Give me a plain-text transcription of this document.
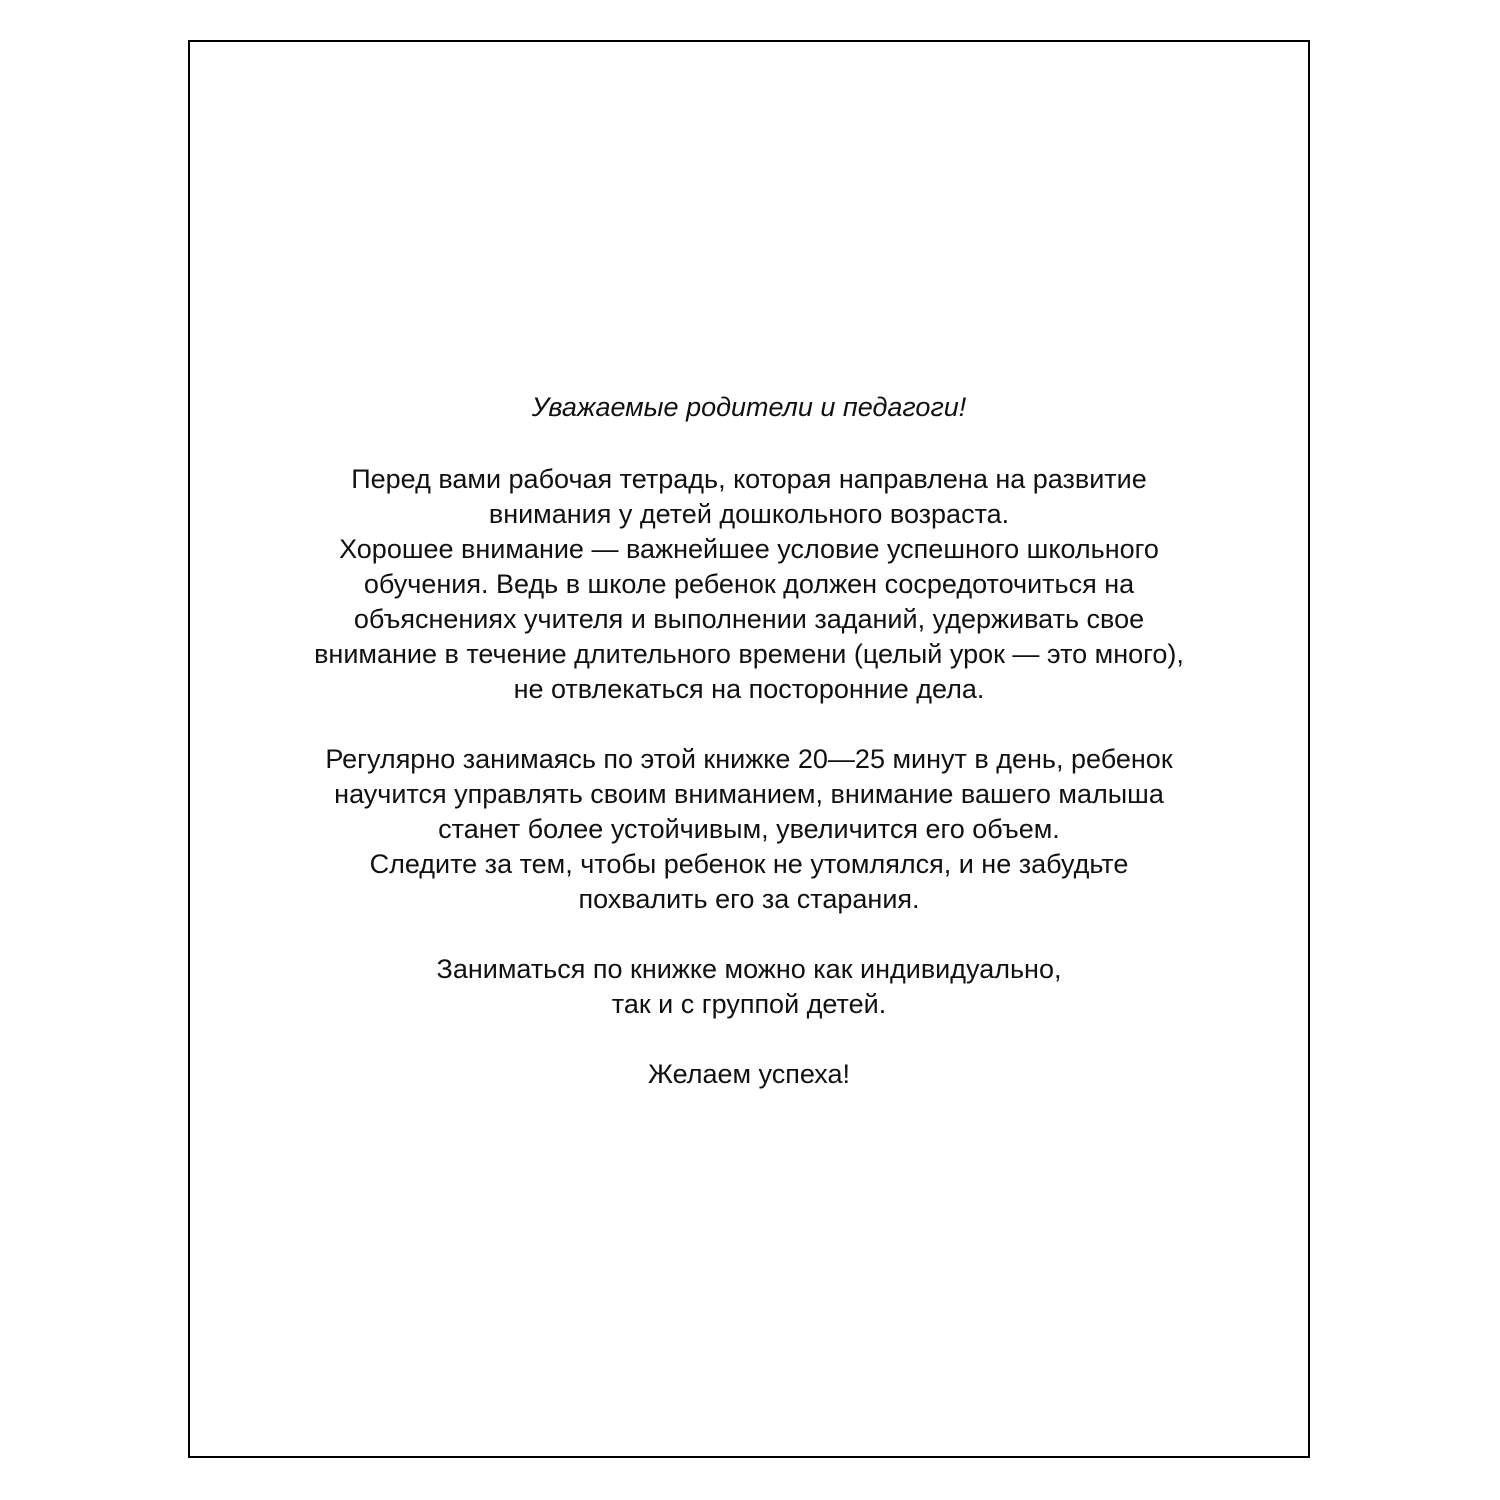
Уважаемые родители и педагоги!
Перед вами рабочая тетрадь, которая направлена на развитие
внимания у детей дошкольного возраста.
Хорошее внимание — важнейшее условие успешного школьного
обучения. Ведь в школе ребенок должен сосредоточиться на
объяснениях учителя и выполнении заданий, удерживать свое
внимание в течение длительного времени (целый урок — это много),
не отвлекаться на посторонние дела.
Регулярно занимаясь по этой книжке 20—25 минут в день, ребенок
научится управлять своим вниманием, внимание вашего малыша
станет более устойчивым, увеличится его объем.
Следите за тем, чтобы ребенок не утомлялся, и не забудьте
похвалить его за старания.
Заниматься по книжке можно как индивидуально,
так и с группой детей.
Желаем успеха!
